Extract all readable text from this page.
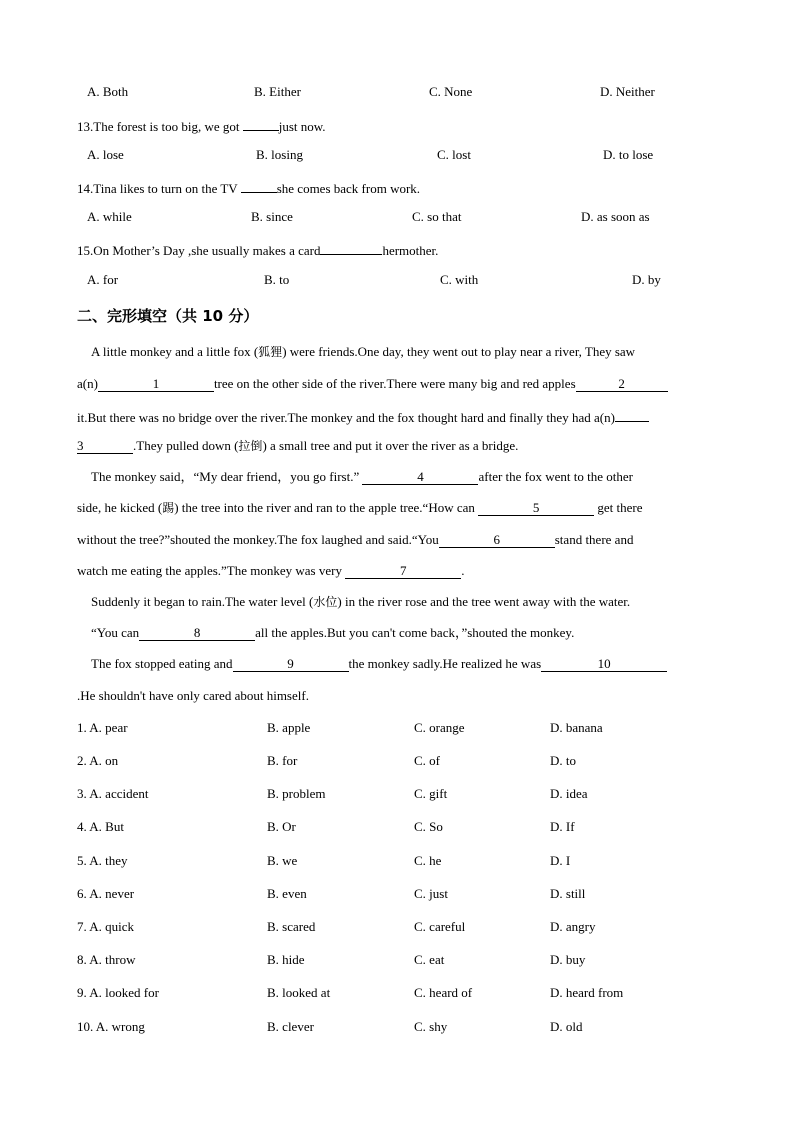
A. Both	B. Either	C. None	D. Neither
13.The forest is too big, we got	just now.
A. lose	B. losing	C. lost	D. to lose
14.Tina likes to turn on the TV	she comes back from work.
A. while	B. since	C. so that	D. as soon as
15.On Mother’s Day ,she usually makes a card	hermother.
A. for	B. to	C. with	D. by
二、完形填空（共 10 分）
A little monkey and a little fox (狐狸) were friends.One day, they went out to play near a river, They saw
a(n)	1	tree on the other side of the river.There were many big and red apples	2
it.But there was no bridge over the river.The monkey and the fox thought hard and finally they had a(n)
3	.They pulled down (拉倒) a small tree and put it over the river as a bridge.
The monkey said，“My dear friend，you go first.”	4	after the fox went to the other
side, he kicked (踢) the tree into the river and ran to the apple tree.“How can	5	get there
without the tree?”shouted the monkey.The fox laughed and said.“You	6	stand there and
watch me eating the apples.”The monkey was very	7	.
Suddenly it began to rain.The water level (水位) in the river rose and the tree went away with the water.
“You can	8	all the apples.But you can't come back，”shouted the monkey.
The fox stopped eating and	9	the monkey sadly.He realized he was	10
.He shouldn't have only cared about himself.
1. A. pear	B. apple	C. orange	D. banana
2. A. on	B. for	C. of	D. to
3. A. accident	B. problem	C. gift	D. idea
4. A. But	B. Or	C. So	D. If
5. A. they	B. we	C. he	D. I
6. A. never	B. even	C. just	D. still
7. A. quick	B. scared	C. careful	D. angry
8. A. throw	B. hide	C. eat	D. buy
9. A. looked for	B. looked at	C. heard of	D. heard from
10. A. wrong	B. clever	C. shy	D. old
